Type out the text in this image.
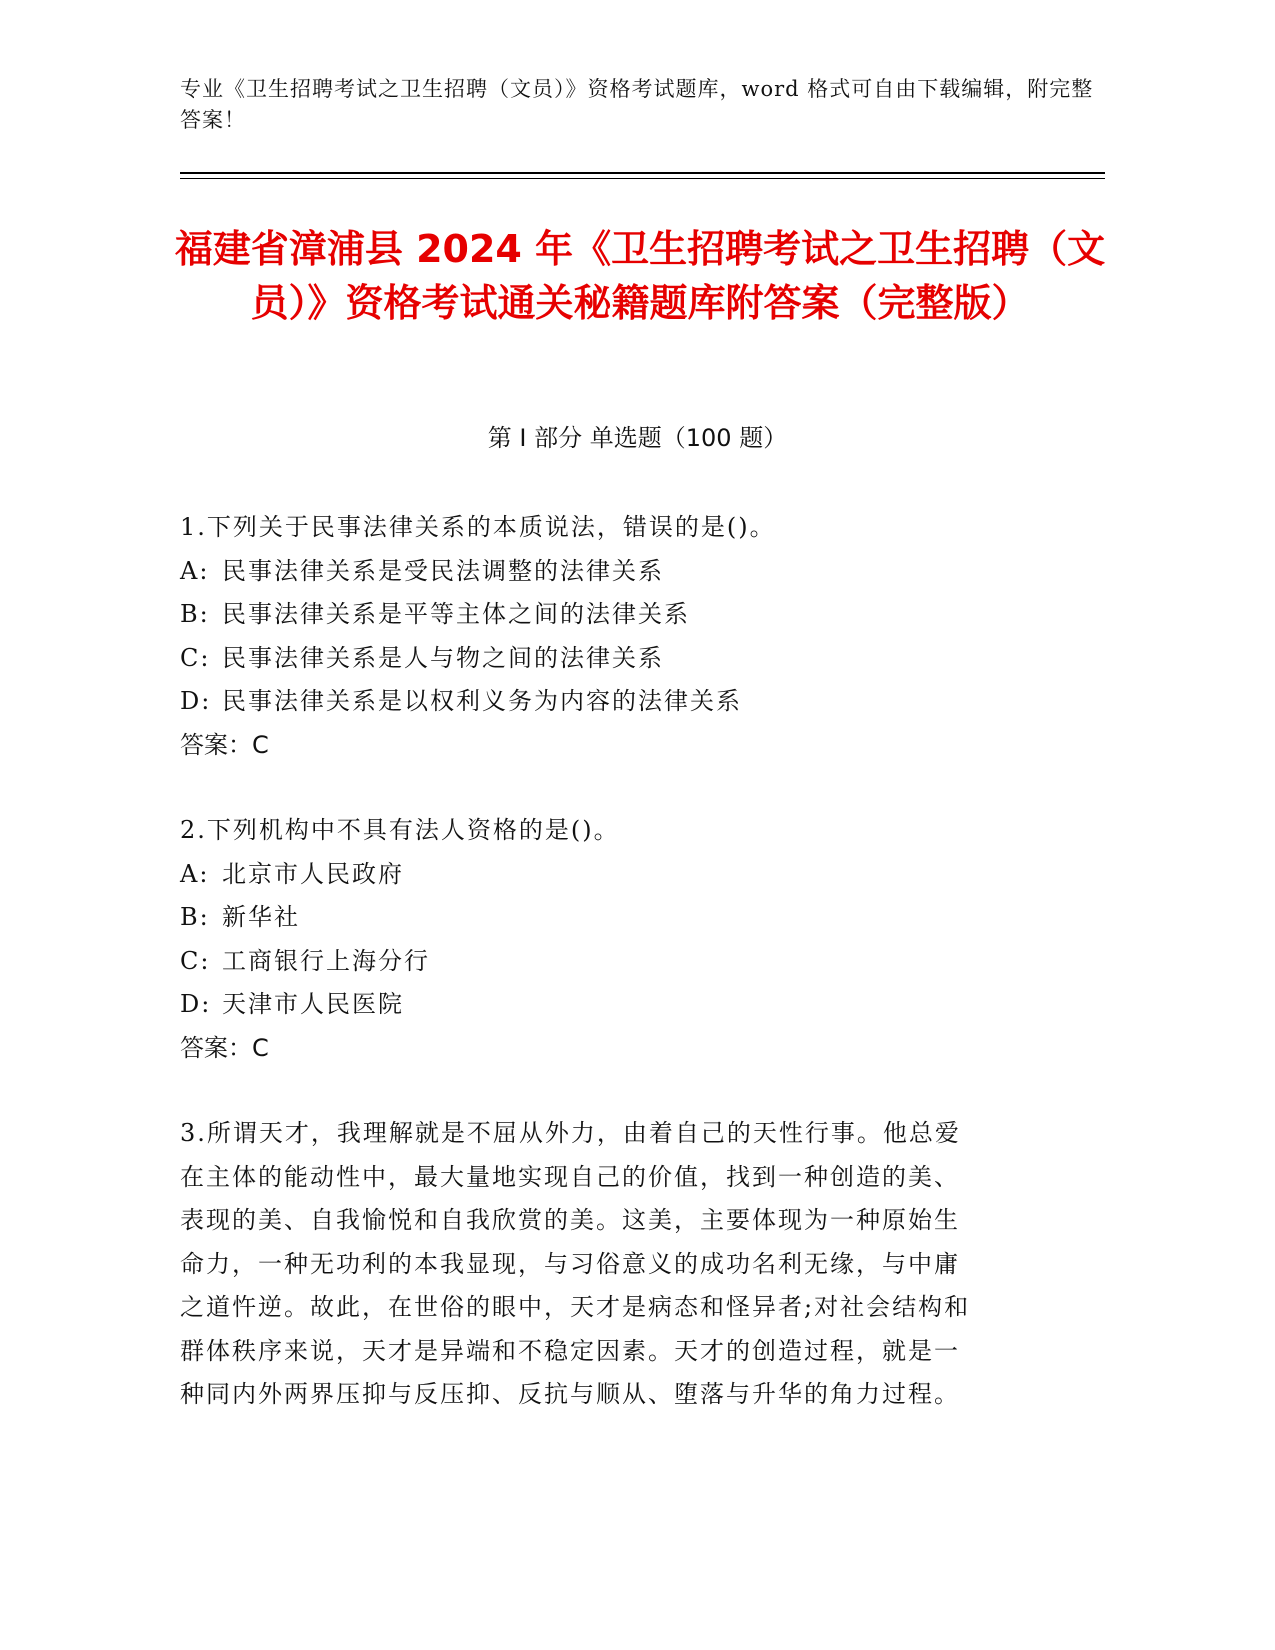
专业《卫生招聘考试之卫生招聘（文员）》资格考试题库，word 格式可自由下载编辑，附完整答案！
福建省漳浦县 2024 年《卫生招聘考试之卫生招聘（文员）》资格考试通关秘籍题库附答案（完整版）
第 I 部分 单选题（100 题）
1.下列关于民事法律关系的本质说法，错误的是()。
A: 民事法律关系是受民法调整的法律关系
B: 民事法律关系是平等主体之间的法律关系
C: 民事法律关系是人与物之间的法律关系
D: 民事法律关系是以权利义务为内容的法律关系
答案：C
2.下列机构中不具有法人资格的是()。
A: 北京市人民政府
B: 新华社
C: 工商银行上海分行
D: 天津市人民医院
答案：C
3.所谓天才，我理解就是不屈从外力，由着自己的天性行事。他总爱
在主体的能动性中，最大量地实现自己的价值，找到一种创造的美、
表现的美、自我愉悦和自我欣赏的美。这美，主要体现为一种原始生
命力，一种无功利的本我显现，与习俗意义的成功名利无缘，与中庸
之道忤逆。故此，在世俗的眼中，天才是病态和怪异者;对社会结构和
群体秩序来说，天才是异端和不稳定因素。天才的创造过程，就是一
种同内外两界压抑与反压抑、反抗与顺从、堕落与升华的角力过程。
